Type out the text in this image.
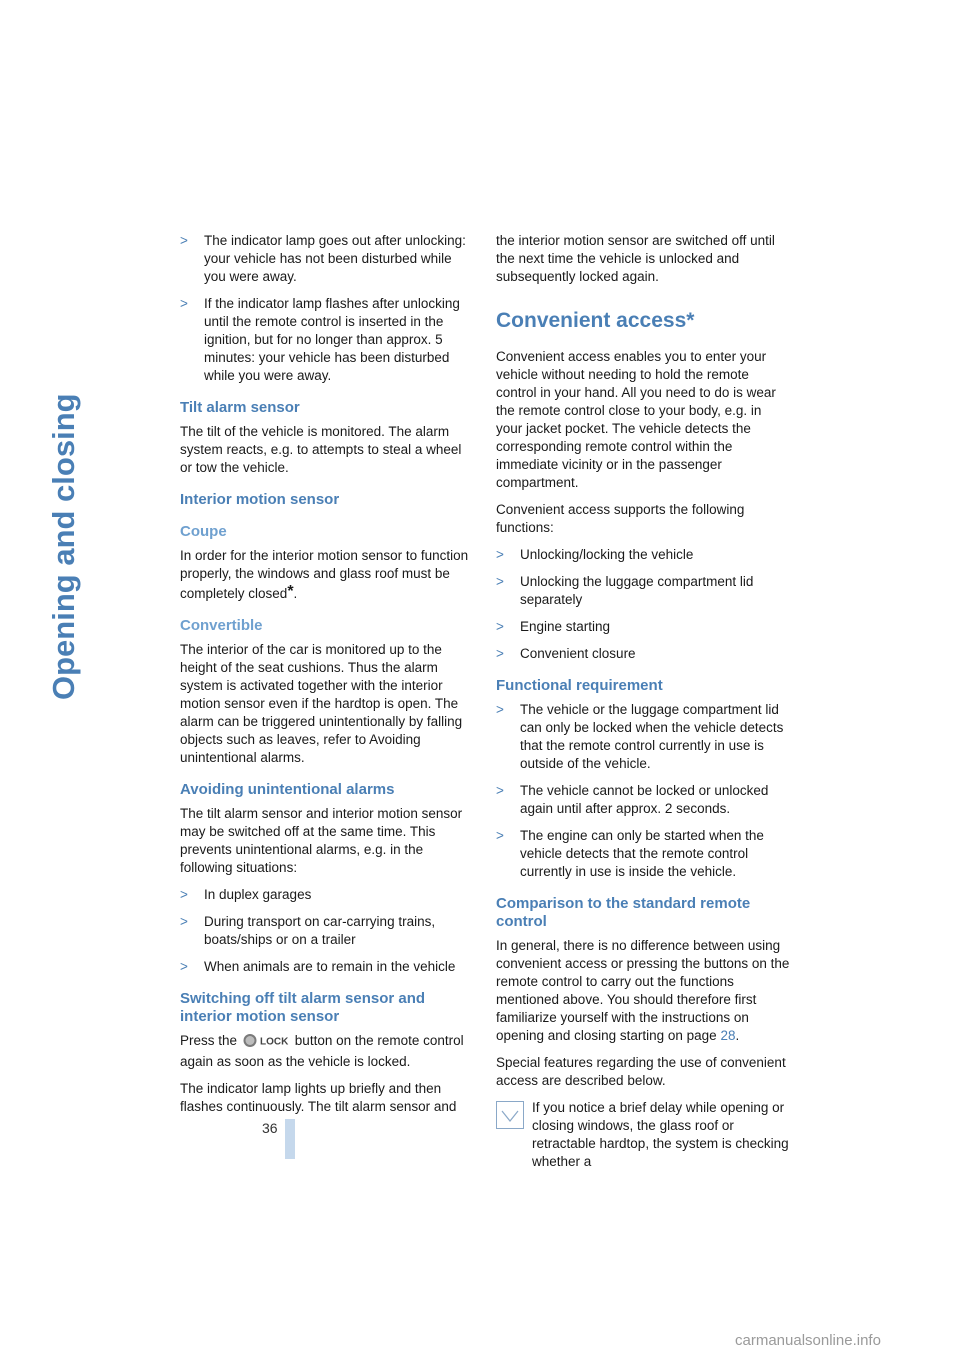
Opening and closing
> The indicator lamp goes out after unlocking: your vehicle has not been disturbed while you were away.
> If the indicator lamp flashes after unlocking until the remote control is inserted in the ignition, but for no longer than approx. 5 minutes: your vehicle has been disturbed while you were away.
Tilt alarm sensor

The tilt of the vehicle is monitored. The alarm system reacts, e.g. to attempts to steal a wheel or tow the vehicle.

Interior motion sensor
Coupe

In order for the interior motion sensor to function properly, the windows and glass roof must be completely closed*.

Convertible

The interior of the car is monitored up to the height of the seat cushions. Thus the alarm system is activated together with the interior motion sensor even if the hardtop is open. The alarm can be triggered unintentionally by falling objects such as leaves, refer to Avoiding unintentional alarms.

Avoiding unintentional alarms

The tilt alarm sensor and interior motion sensor may be switched off at the same time. This prevents unintentional alarms, e.g. in the following situations:

> In duplex garages
> During transport on car-carrying trains, boats/ships or on a trailer
> When animals are to remain in the vehicle
Switching off tilt alarm sensor and interior motion sensor

Press the LOCK button on the remote control again as soon as the vehicle is locked.

The indicator lamp lights up briefly and then flashes continuously. The tilt alarm sensor and

the interior motion sensor are switched off until the next time the vehicle is unlocked and subsequently locked again.

Convenient access*

Convenient access enables you to enter your vehicle without needing to hold the remote control in your hand. All you need to do is wear the remote control close to your body, e.g. in your jacket pocket. The vehicle detects the corresponding remote control within the immediate vicinity or in the passenger compartment.

Convenient access supports the following functions:

> Unlocking/locking the vehicle
> Unlocking the luggage compartment lid separately
> Engine starting
> Convenient closure
Functional requirement
> The vehicle or the luggage compartment lid can only be locked when the vehicle detects that the remote control currently in use is outside of the vehicle.
> The vehicle cannot be locked or unlocked again until after approx. 2 seconds.
> The engine can only be started when the vehicle detects that the remote control currently in use is inside the vehicle.
Comparison to the standard remote control

In general, there is no difference between using convenient access or pressing the buttons on the remote control to carry out the functions mentioned above. You should therefore first familiarize yourself with the instructions on opening and closing starting on page 28.

Special features regarding the use of convenient access are described below.

If you notice a brief delay while opening or closing windows, the glass roof or retractable hardtop, the system is checking whether a
36
carmanualsonline.info
